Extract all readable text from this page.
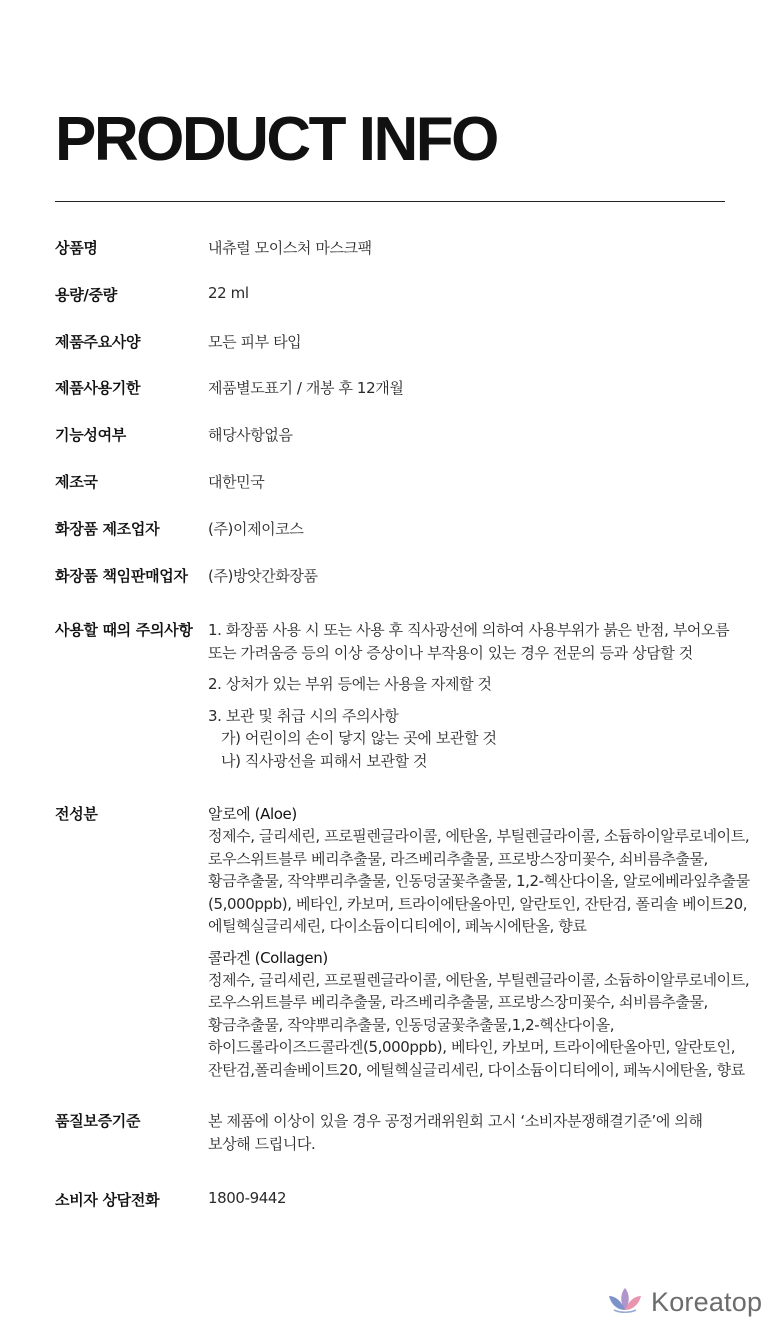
PRODUCT INFO
상품명	내츄럴 모이스처 마스크팩
용량/중량	22 ml
제품주요사양	모든 피부 타입
제품사용기한	제품별도표기 / 개봉 후 12개월
기능성여부	해당사항없음
제조국	대한민국
화장품 제조업자	(주)이제이코스
화장품 책임판매업자	(주)방앗간화장품
사용할 때의 주의사항	1. 화장품 사용 시 또는 사용 후 직사광선에 의하여 사용부위가 붉은 반점, 부어오름
또는 가려움증 등의 이상 증상이나 부작용이 있는 경우 전문의 등과 상담할 것
2. 상처가 있는 부위 등에는 사용을 자제할 것
3. 보관 및 취급 시의 주의사항
가) 어린이의 손이 닿지 않는 곳에 보관할 것
나) 직사광선을 피해서 보관할 것
전성분	알로에 (Aloe)
정제수, 글리세린, 프로필렌글라이콜, 에탄올, 부틸렌글라이콜, 소듐하이알루로네이트,
로우스위트블루 베리추출물, 라즈베리추출물, 프로방스장미꽃수, 쇠비름추출물,
황금추출물, 작약뿌리추출물, 인동덩굴꽃추출물, 1,2-헥산다이올, 알로에베라잎추출물
(5,000ppb), 베타인, 카보머, 트라이에탄올아민, 알란토인, 잔탄검, 폴리솔 베이트20,
에틸헥실글리세린, 다이소듐이디티에이, 페녹시에탄올, 향료
콜라겐 (Collagen)
정제수, 글리세린, 프로필렌글라이콜, 에탄올, 부틸렌글라이콜, 소듐하이알루로네이트,
로우스위트블루 베리추출물, 라즈베리추출물, 프로방스장미꽃수, 쇠비름추출물,
황금추출물, 작약뿌리추출물, 인동덩굴꽃추출물,1,2-헥산다이올,
하이드롤라이즈드콜라겐(5,000ppb), 베타인, 카보머, 트라이에탄올아민, 알란토인,
잔탄검,폴리솔베이트20, 에틸헥실글리세린, 다이소듐이디티에이, 페녹시에탄올, 향료
품질보증기준	본 제품에 이상이 있을 경우 공정거래위원회 고시 ‘소비자분쟁해결기준’에 의해
보상해 드립니다.
소비자 상담전화	1800-9442
Koreatop
